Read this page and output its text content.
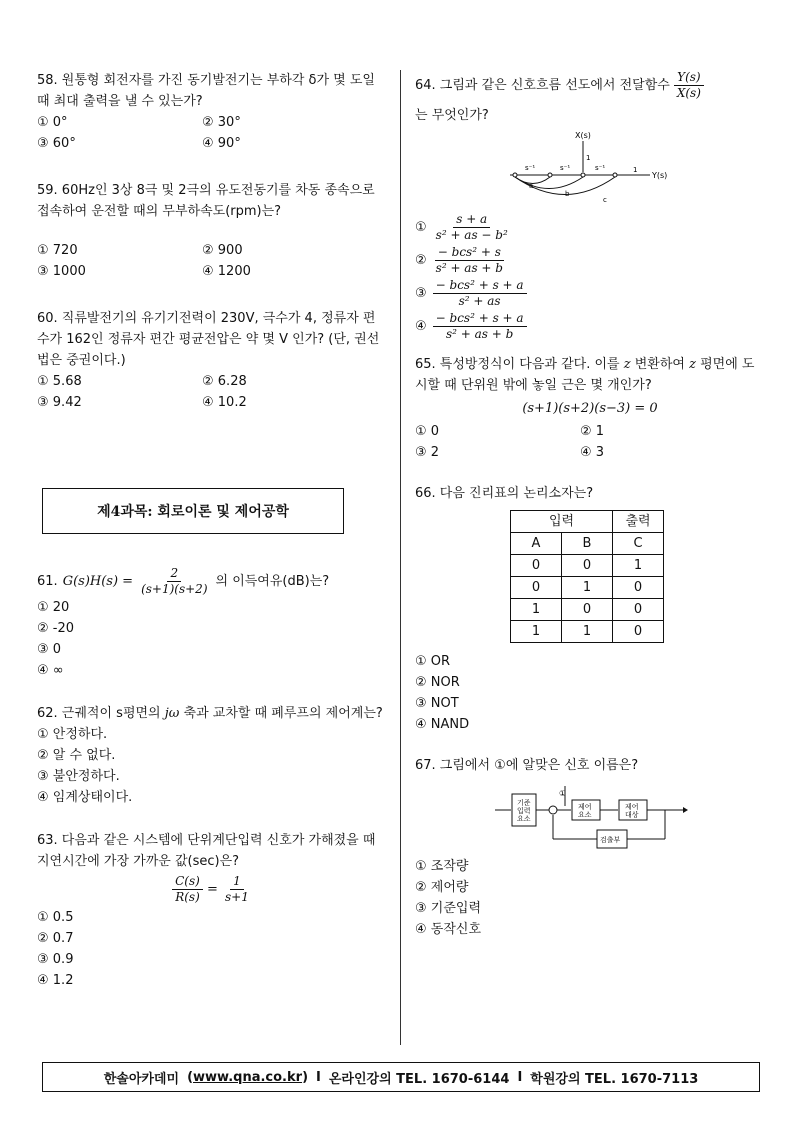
58. 원통형 회전자를 가진 동기발전기는 부하각 δ가 몇 도일 때 최대 출력을 낼 수 있는가?

① 0°	② 30°
③ 60°	④ 90°

59. 60Hz인 3상 8극 및 2극의 유도전동기를 차동 종속으로 접속하여 운전할 때의 무부하속도(rpm)는?

① 720	② 900
③ 1000	④ 1200

60. 직류발전기의 유기기전력이 230V, 극수가 4, 정류자 편수가 162인 정류자 편간 평균전압은 약 몇 V 인가? (단, 권선법은 중권이다.)

① 5.68	② 6.28
③ 9.42	④ 10.2
61. $G(s)H(s) = \frac{2}{(s+1)(s+2)}$ 의 이득여유(dB)는?
① 20
② -20
③ 0
④ ∞

62. 근궤적이 s평면의 jω 축과 교차할 때 폐루프의 제어계는?

① 안정하다.
② 알 수 없다.
③ 불안정하다.
④ 임계상태이다.

63. 다음과 같은 시스템에 단위계단입력 신호가 가해졌을 때 지연시간에 가장 가까운 값(sec)은?

$\frac{C(s)}{R(s)} = \frac{1}{s+1}$
① 0.5
② 0.7
③ 0.9
④ 1.2
제4과목: 회로이론 및 제어공학
64. 그림과 같은 신호흐름 선도에서 전달함수 $\frac{Y(s)}{X(s)}$
는 무엇인가?
X(s)
1
s⁻¹	s⁻¹	s⁻¹	1
Y(s)
a
b
c
① $\frac{s + a}{\text{s² + as − b²}}$
② $\frac{\text{− bcs² + s}}{\text{s² + as + b}}$
③ $\frac{\text{− bcs² + s + a}}{\text{s² + as}}$
④ $\frac{\text{− bcs² + s + a}}{\text{s² + as + b}}$

65. 특성방정식이 다음과 같다. 이를 z 변환하여 z 평면에 도시할 때 단위원 밖에 놓일 근은 몇 개인가?

(s+1)(s+2)(s−3) = 0
① 0	② 1
③ 2	④ 3

66. 다음 진리표의 논리소자는?

입력		출력
A	B	C
0	0	1
0	1	0
1	0	0
1	1	0
① OR
② NOR
③ NOT
④ NAND

67. 그림에서 ①에 알맞은 신호 이름은?

기준
입력
요소
①
제어
요소
제어
대상
검출부
① 조작량
② 제어량
③ 기준입력
④ 동작신호
한솔아카데미 (www.qna.co.kr) I 온라인강의 TEL. 1670-6144 I 학원강의 TEL. 1670-7113
